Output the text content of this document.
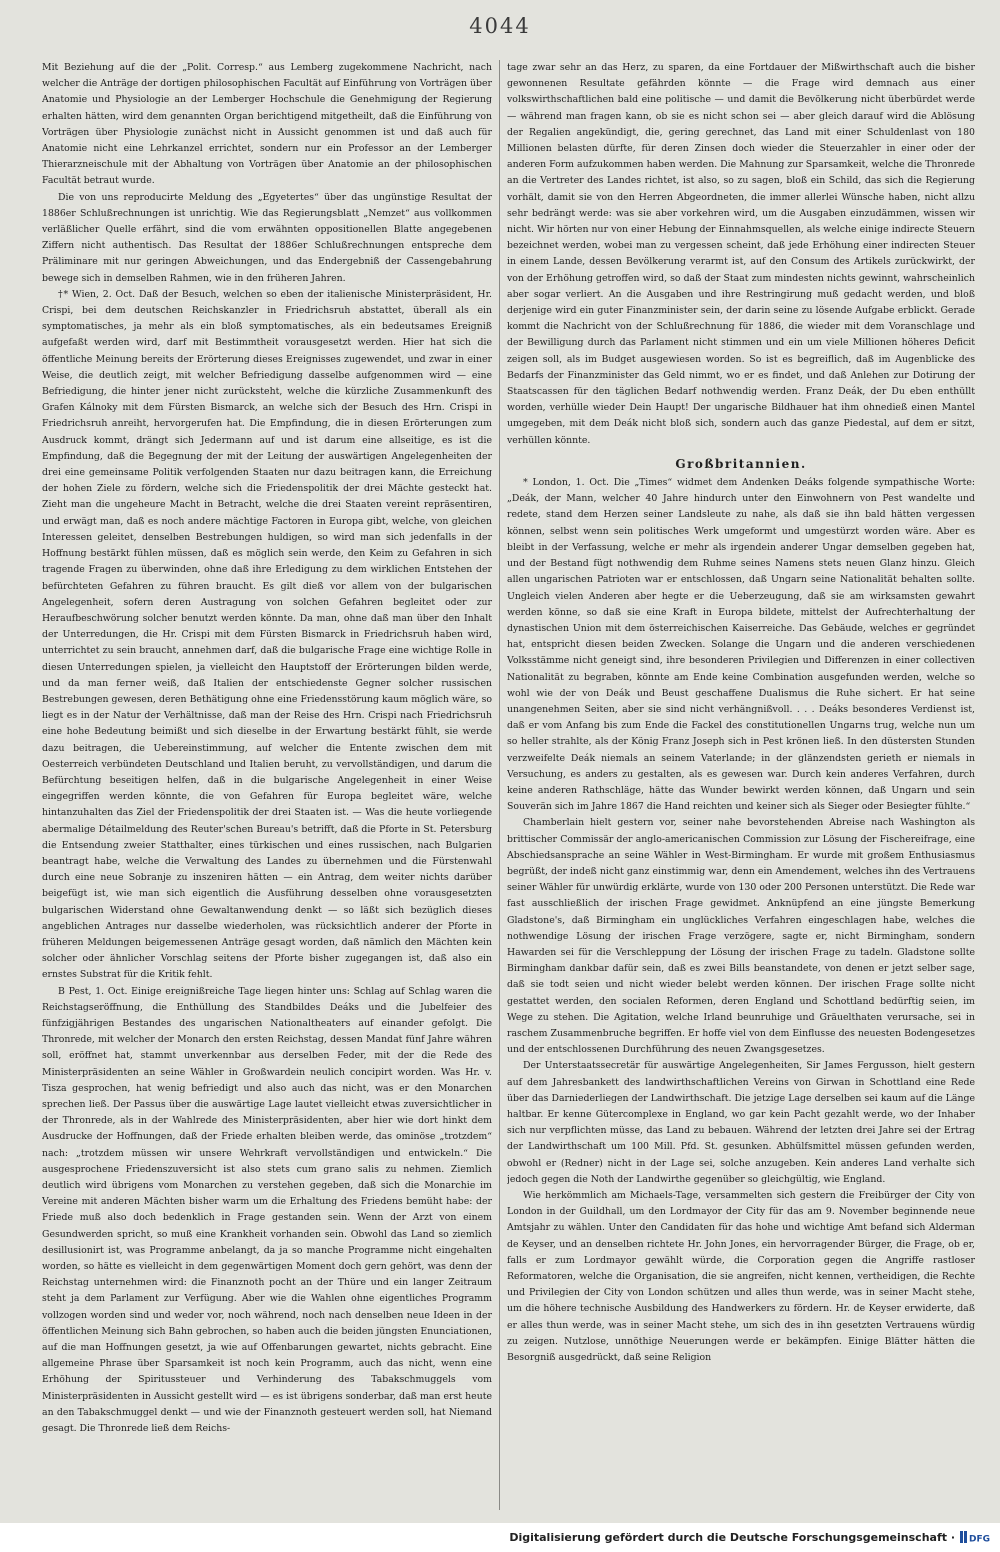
4044

Mit Beziehung auf die der „Polit. Corresp.“ aus Lemberg zugekommene Nachricht, nach welcher die Anträge der dortigen philosophischen Facultät auf Einführung von Vorträgen über Anatomie und Physiologie an der Lemberger Hochschule die Genehmigung der Regierung erhalten hätten, wird dem genannten Organ berichtigend mitgetheilt, daß die Einführung von Vorträgen über Physiologie zunächst nicht in Aussicht genommen ist und daß auch für Anatomie nicht eine Lehrkanzel errichtet, sondern nur ein Professor an der Lemberger Thierarzneischule mit der Abhaltung von Vorträgen über Anatomie an der philosophischen Facultät betraut wurde.

Die von uns reproducirte Meldung des „Egyetertes“ über das ungünstige Resultat der 1886er Schlußrechnungen ist unrichtig. Wie das Regierungsblatt „Nemzet“ aus vollkommen verläßlicher Quelle erfährt, sind die vom erwähnten oppositionellen Blatte angegebenen Ziffern nicht authentisch. Das Resultat der 1886er Schlußrechnungen entspreche dem Präliminare mit nur geringen Abweichungen, und das Endergebniß der Cassengebahrung bewege sich in demselben Rahmen, wie in den früheren Jahren.

†* Wien, 2. Oct. Daß der Besuch, welchen so eben der italienische Ministerpräsident, Hr. Crispi, bei dem deutschen Reichskanzler in Friedrichsruh abstattet, überall als ein symptomatisches, ja mehr als ein bloß symptomatisches, als ein bedeutsames Ereigniß aufgefaßt werden wird, darf mit Bestimmtheit vorausgesetzt werden. Hier hat sich die öffentliche Meinung bereits der Erörterung dieses Ereignisses zugewendet, und zwar in einer Weise, die deutlich zeigt, mit welcher Befriedigung dasselbe aufgenommen wird — eine Befriedigung, die hinter jener nicht zurücksteht, welche die kürzliche Zusammenkunft des Grafen Kálnoky mit dem Fürsten Bismarck, an welche sich der Besuch des Hrn. Crispi in Friedrichsruh anreiht, hervorgerufen hat. Die Empfindung, die in diesen Erörterungen zum Ausdruck kommt, drängt sich Jedermann auf und ist darum eine allseitige, es ist die Empfindung, daß die Begegnung der mit der Leitung der auswärtigen Angelegenheiten der drei eine gemeinsame Politik verfolgenden Staaten nur dazu beitragen kann, die Erreichung der hohen Ziele zu fördern, welche sich die Friedenspolitik der drei Mächte gesteckt hat. Zieht man die ungeheure Macht in Betracht, welche die drei Staaten vereint repräsentiren, und erwägt man, daß es noch andere mächtige Factoren in Europa gibt, welche, von gleichen Interessen geleitet, denselben Bestrebungen huldigen, so wird man sich jedenfalls in der Hoffnung bestärkt fühlen müssen, daß es möglich sein werde, den Keim zu Gefahren in sich tragende Fragen zu überwinden, ohne daß ihre Erledigung zu dem wirklichen Entstehen der befürchteten Gefahren zu führen braucht. Es gilt dieß vor allem von der bulgarischen Angelegenheit, sofern deren Austragung von solchen Gefahren begleitet oder zur Heraufbeschwörung solcher benutzt werden könnte. Da man, ohne daß man über den Inhalt der Unterredungen, die Hr. Crispi mit dem Fürsten Bismarck in Friedrichsruh haben wird, unterrichtet zu sein braucht, annehmen darf, daß die bulgarische Frage eine wichtige Rolle in diesen Unterredungen spielen, ja vielleicht den Hauptstoff der Erörterungen bilden werde, und da man ferner weiß, daß Italien der entschiedenste Gegner solcher russischen Bestrebungen gewesen, deren Bethätigung ohne eine Friedensstörung kaum möglich wäre, so liegt es in der Natur der Verhältnisse, daß man der Reise des Hrn. Crispi nach Friedrichsruh eine hohe Bedeutung beimißt und sich dieselbe in der Erwartung bestärkt fühlt, sie werde dazu beitragen, die Uebereinstimmung, auf welcher die Entente zwischen dem mit Oesterreich verbündeten Deutschland und Italien beruht, zu vervollständigen, und darum die Befürchtung beseitigen helfen, daß in die bulgarische Angelegenheit in einer Weise eingegriffen werden könnte, die von Gefahren für Europa begleitet wäre, welche hintanzuhalten das Ziel der Friedenspolitik der drei Staaten ist. — Was die heute vorliegende abermalige Détailmeldung des Reuter'schen Bureau's betrifft, daß die Pforte in St. Petersburg die Entsendung zweier Statthalter, eines türkischen und eines russischen, nach Bulgarien beantragt habe, welche die Verwaltung des Landes zu übernehmen und die Fürstenwahl durch eine neue Sobranje zu inszeniren hätten — ein Antrag, dem weiter nichts darüber beigefügt ist, wie man sich eigentlich die Ausführung desselben ohne vorausgesetzten bulgarischen Widerstand ohne Gewaltanwendung denkt — so läßt sich bezüglich dieses angeblichen Antrages nur dasselbe wiederholen, was rücksichtlich anderer der Pforte in früheren Meldungen beigemessenen Anträge gesagt worden, daß nämlich den Mächten kein solcher oder ähnlicher Vorschlag seitens der Pforte bisher zugegangen ist, daß also ein ernstes Substrat für die Kritik fehlt.

B Pest, 1. Oct. Einige ereignißreiche Tage liegen hinter uns: Schlag auf Schlag waren die Reichstagseröffnung, die Enthüllung des Standbildes Deáks und die Jubelfeier des fünfzigjährigen Bestandes des ungarischen Nationaltheaters auf einander gefolgt. Die Thronrede, mit welcher der Monarch den ersten Reichstag, dessen Mandat fünf Jahre währen soll, eröffnet hat, stammt unverkennbar aus derselben Feder, mit der die Rede des Ministerpräsidenten an seine Wähler in Großwardein neulich concipirt worden. Was Hr. v. Tisza gesprochen, hat wenig befriedigt und also auch das nicht, was er den Monarchen sprechen ließ. Der Passus über die auswärtige Lage lautet vielleicht etwas zuversichtlicher in der Thronrede, als in der Wahlrede des Ministerpräsidenten, aber hier wie dort hinkt dem Ausdrucke der Hoffnungen, daß der Friede erhalten bleiben werde, das ominöse „trotzdem“ nach: „trotzdem müssen wir unsere Wehrkraft vervollständigen und entwickeln.“ Die ausgesprochene Friedenszuversicht ist also stets cum grano salis zu nehmen. Ziemlich deutlich wird übrigens vom Monarchen zu verstehen gegeben, daß sich die Monarchie im Vereine mit anderen Mächten bisher warm um die Erhaltung des Friedens bemüht habe: der Friede muß also doch bedenklich in Frage gestanden sein. Wenn der Arzt von einem Gesundwerden spricht, so muß eine Krankheit vorhanden sein. Obwohl das Land so ziemlich desillusionirt ist, was Programme anbelangt, da ja so manche Programme nicht eingehalten worden, so hätte es vielleicht in dem gegenwärtigen Moment doch gern gehört, was denn der Reichstag unternehmen wird: die Finanznoth pocht an der Thüre und ein langer Zeitraum steht ja dem Parlament zur Verfügung. Aber wie die Wahlen ohne eigentliches Programm vollzogen worden sind und weder vor, noch während, noch nach denselben neue Ideen in der öffentlichen Meinung sich Bahn gebrochen, so haben auch die beiden jüngsten Enunciationen, auf die man Hoffnungen gesetzt, ja wie auf Offenbarungen gewartet, nichts gebracht. Eine allgemeine Phrase über Sparsamkeit ist noch kein Programm, auch das nicht, wenn eine Erhöhung der Spiritussteuer und Verhinderung des Tabakschmuggels vom Ministerpräsidenten in Aussicht gestellt wird — es ist übrigens sonderbar, daß man erst heute an den Tabakschmuggel denkt — und wie der Finanznoth gesteuert werden soll, hat Niemand gesagt. Die Thronrede ließ dem Reichs-

tage zwar sehr an das Herz, zu sparen, da eine Fortdauer der Mißwirthschaft auch die bisher gewonnenen Resultate gefährden könnte — die Frage wird demnach aus einer volkswirthschaftlichen bald eine politische — und damit die Bevölkerung nicht überbürdet werde — während man fragen kann, ob sie es nicht schon sei — aber gleich darauf wird die Ablösung der Regalien angekündigt, die, gering gerechnet, das Land mit einer Schuldenlast von 180 Millionen belasten dürfte, für deren Zinsen doch wieder die Steuerzahler in einer oder der anderen Form aufzukommen haben werden. Die Mahnung zur Sparsamkeit, welche die Thronrede an die Vertreter des Landes richtet, ist also, so zu sagen, bloß ein Schild, das sich die Regierung vorhält, damit sie von den Herren Abgeordneten, die immer allerlei Wünsche haben, nicht allzu sehr bedrängt werde: was sie aber vorkehren wird, um die Ausgaben einzudämmen, wissen wir nicht. Wir hörten nur von einer Hebung der Einnahmsquellen, als welche einige indirecte Steuern bezeichnet werden, wobei man zu vergessen scheint, daß jede Erhöhung einer indirecten Steuer in einem Lande, dessen Bevölkerung verarmt ist, auf den Consum des Artikels zurückwirkt, der von der Erhöhung getroffen wird, so daß der Staat zum mindesten nichts gewinnt, wahrscheinlich aber sogar verliert. An die Ausgaben und ihre Restringirung muß gedacht werden, und bloß derjenige wird ein guter Finanzminister sein, der darin seine zu lösende Aufgabe erblickt. Gerade kommt die Nachricht von der Schlußrechnung für 1886, die wieder mit dem Voranschlage und der Bewilligung durch das Parlament nicht stimmen und ein um viele Millionen höheres Deficit zeigen soll, als im Budget ausgewiesen worden. So ist es begreiflich, daß im Augenblicke des Bedarfs der Finanzminister das Geld nimmt, wo er es findet, und daß Anlehen zur Dotirung der Staatscassen für den täglichen Bedarf nothwendig werden. Franz Deák, der Du eben enthüllt worden, verhülle wieder Dein Haupt! Der ungarische Bildhauer hat ihm ohnedieß einen Mantel umgegeben, mit dem Deák nicht bloß sich, sondern auch das ganze Piedestal, auf dem er sitzt, verhüllen könnte.

Großbritannien.

* London, 1. Oct. Die „Times“ widmet dem Andenken Deáks folgende sympathische Worte: „Deák, der Mann, welcher 40 Jahre hindurch unter den Einwohnern von Pest wandelte und redete, stand dem Herzen seiner Landsleute zu nahe, als daß sie ihn bald hätten vergessen können, selbst wenn sein politisches Werk umgeformt und umgestürzt worden wäre. Aber es bleibt in der Verfassung, welche er mehr als irgendein anderer Ungar demselben gegeben hat, und der Bestand fügt nothwendig dem Ruhme seines Namens stets neuen Glanz hinzu. Gleich allen ungarischen Patrioten war er entschlossen, daß Ungarn seine Nationalität behalten sollte. Ungleich vielen Anderen aber hegte er die Ueberzeugung, daß sie am wirksamsten gewahrt werden könne, so daß sie eine Kraft in Europa bildete, mittelst der Aufrechterhaltung der dynastischen Union mit dem österreichischen Kaiserreiche. Das Gebäude, welches er gegründet hat, entspricht diesen beiden Zwecken. Solange die Ungarn und die anderen verschiedenen Volksstämme nicht geneigt sind, ihre besonderen Privilegien und Differenzen in einer collectiven Nationalität zu begraben, könnte am Ende keine Combination ausgefunden werden, welche so wohl wie der von Deák und Beust geschaffene Dualismus die Ruhe sichert. Er hat seine unangenehmen Seiten, aber sie sind nicht verhängnißvoll. . . . Deáks besonderes Verdienst ist, daß er vom Anfang bis zum Ende die Fackel des constitutionellen Ungarns trug, welche nun um so heller strahlte, als der König Franz Joseph sich in Pest krönen ließ. In den düstersten Stunden verzweifelte Deák niemals an seinem Vaterlande; in der glänzendsten gerieth er niemals in Versuchung, es anders zu gestalten, als es gewesen war. Durch kein anderes Verfahren, durch keine anderen Rathschläge, hätte das Wunder bewirkt werden können, daß Ungarn und sein Souverän sich im Jahre 1867 die Hand reichten und keiner sich als Sieger oder Besiegter fühlte.“

Chamberlain hielt gestern vor, seiner nahe bevorstehenden Abreise nach Washington als brittischer Commissär der anglo-americanischen Commission zur Lösung der Fischereifrage, eine Abschiedsansprache an seine Wähler in West-Birmingham. Er wurde mit großem Enthusiasmus begrüßt, der indeß nicht ganz einstimmig war, denn ein Amendement, welches ihn des Vertrauens seiner Wähler für unwürdig erklärte, wurde von 130 oder 200 Personen unterstützt. Die Rede war fast ausschließlich der irischen Frage gewidmet. Anknüpfend an eine jüngste Bemerkung Gladstone's, daß Birmingham ein unglückliches Verfahren eingeschlagen habe, welches die nothwendige Lösung der irischen Frage verzögere, sagte er, nicht Birmingham, sondern Hawarden sei für die Verschleppung der Lösung der irischen Frage zu tadeln. Gladstone sollte Birmingham dankbar dafür sein, daß es zwei Bills beanstandete, von denen er jetzt selber sage, daß sie todt seien und nicht wieder belebt werden können. Der irischen Frage sollte nicht gestattet werden, den socialen Reformen, deren England und Schottland bedürftig seien, im Wege zu stehen. Die Agitation, welche Irland beunruhige und Gräuelthaten verursache, sei in raschem Zusammenbruche begriffen. Er hoffe viel von dem Einflusse des neuesten Bodengesetzes und der entschlossenen Durchführung des neuen Zwangsgesetzes.

Der Unterstaatssecretär für auswärtige Angelegenheiten, Sir James Fergusson, hielt gestern auf dem Jahresbankett des landwirthschaftlichen Vereins von Girwan in Schottland eine Rede über das Darniederliegen der Landwirthschaft. Die jetzige Lage derselben sei kaum auf die Länge haltbar. Er kenne Gütercomplexe in England, wo gar kein Pacht gezahlt werde, wo der Inhaber sich nur verpflichten müsse, das Land zu bebauen. Während der letzten drei Jahre sei der Ertrag der Landwirthschaft um 100 Mill. Pfd. St. gesunken. Abhülfsmittel müssen gefunden werden, obwohl er (Redner) nicht in der Lage sei, solche anzugeben. Kein anderes Land verhalte sich jedoch gegen die Noth der Landwirthe gegenüber so gleichgültig, wie England.

Wie herkömmlich am Michaels-Tage, versammelten sich gestern die Freibürger der City von London in der Guildhall, um den Lordmayor der City für das am 9. November beginnende neue Amtsjahr zu wählen. Unter den Candidaten für das hohe und wichtige Amt befand sich Alderman de Keyser, und an denselben richtete Hr. John Jones, ein hervorragender Bürger, die Frage, ob er, falls er zum Lordmayor gewählt würde, die Corporation gegen die Angriffe rastloser Reformatoren, welche die Organisation, die sie angreifen, nicht kennen, vertheidigen, die Rechte und Privilegien der City von London schützen und alles thun werde, was in seiner Macht stehe, um die höhere technische Ausbildung des Handwerkers zu fördern. Hr. de Keyser erwiderte, daß er alles thun werde, was in seiner Macht stehe, um sich des in ihn gesetzten Vertrauens würdig zu zeigen. Nutzlose, unnöthige Neuerungen werde er bekämpfen. Einige Blätter hätten die Besorgniß ausgedrückt, daß seine Religion

Digitalisierung gefördert durch die Deutsche Forschungsgemeinschaft · DFG
